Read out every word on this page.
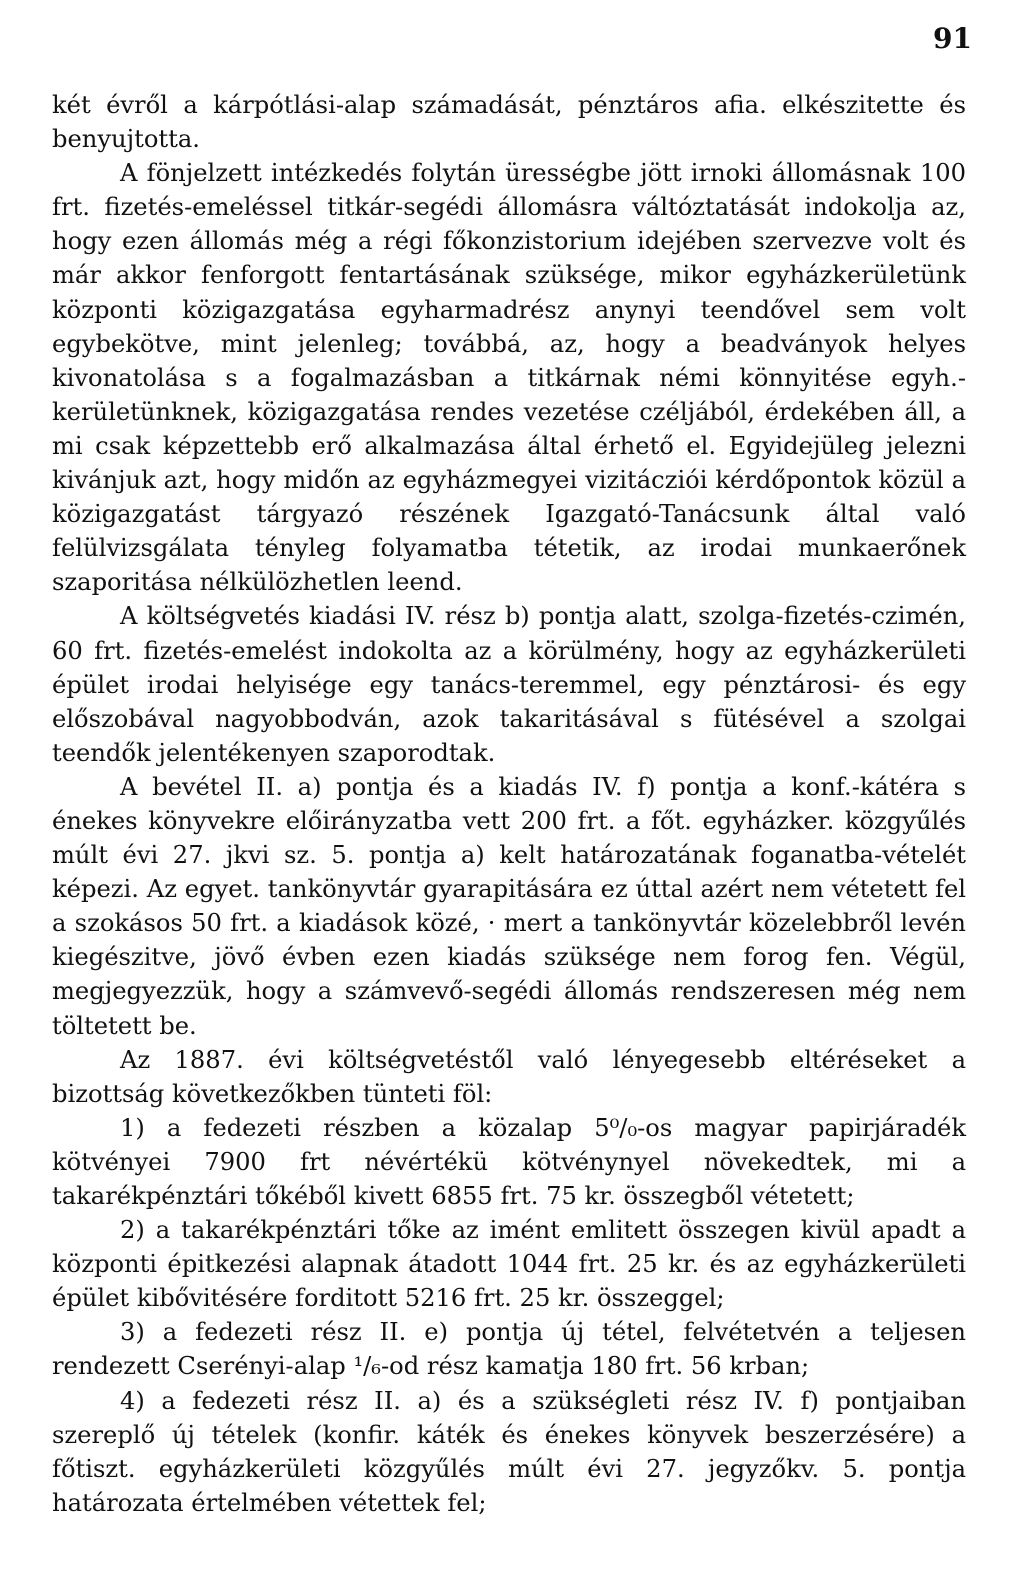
91

két évről a kárpótlási-alap számadását, pénztáros afia. elkészitette és benyujtotta.

A fönjelzett intézkedés folytán ürességbe jött irnoki állomásnak 100 frt. fizetés-emeléssel titkár-segédi állomásra váltóztatását indokolja az, hogy ezen állomás még a régi főkonzistorium idejében szervezve volt és már akkor fenforgott fentartásának szüksége, mikor egyházkerületünk központi közigazgatása egyharmadrész anynyi teendővel sem volt egybekötve, mint jelenleg; továbbá, az, hogy a beadványok helyes kivonatolása s a fogalmazásban a titkárnak némi könnyitése egyh.-kerületünknek, közigazgatása rendes vezetése czéljából, érdekében áll, a mi csak képzettebb erő alkalmazása által érhető el. Egyidejüleg jelezni kivánjuk azt, hogy midőn az egyházmegyei vizitácziói kérdőpontok közül a közigazgatást tárgyazó részének Igazgató-Tanácsunk által való felülvizsgálata tényleg folyamatba tétetik, az irodai munkaerőnek szaporitása nélkülözhetlen leend.

A költségvetés kiadási IV. rész b) pontja alatt, szolga-fizetés-czimén, 60 frt. fizetés-emelést indokolta az a körülmény, hogy az egyházkerületi épület irodai helyisége egy tanács-teremmel, egy pénztárosi- és egy előszobával nagyobbodván, azok takaritásával s fütésével a szolgai teendők jelentékenyen szaporodtak.

A bevétel II. a) pontja és a kiadás IV. f) pontja a konf.-kátéra s énekes könyvekre előirányzatba vett 200 frt. a főt. egyházker. közgyűlés múlt évi 27. jkvi sz. 5. pontja a) kelt határozatának foganatba-vételét képezi. Az egyet. tankönyvtár gyarapitására ez úttal azért nem vétetett fel a szokásos 50 frt. a kiadások közé, · mert a tankönyvtár közelebbről levén kiegészitve, jövő évben ezen kiadás szüksége nem forog fen. Végül, megjegyezzük, hogy a számvevő-segédi állomás rendszeresen még nem töltetett be.

Az 1887. évi költségvetéstől való lényegesebb eltéréseket a bizottság következőkben tünteti föl:

1) a fedezeti részben a közalap 5⁰/₀-os magyar papirjáradék kötvényei 7900 frt névértékü kötvénynyel növekedtek, mi a takarékpénztári tőkéből kivett 6855 frt. 75 kr. összegből vétetett;

2) a takarékpénztári tőke az imént emlitett összegen kivül apadt a központi épitkezési alapnak átadott 1044 frt. 25 kr. és az egyházkerületi épület kibővitésére forditott 5216 frt. 25 kr. összeggel;

3) a fedezeti rész II. e) pontja új tétel, felvétetvén a teljesen rendezett Cserényi-alap ¹/₆-od rész kamatja 180 frt. 56 krban;

4) a fedezeti rész II. a) és a szükségleti rész IV. f) pontjaiban szereplő új tételek (konfir. káték és énekes könyvek beszerzésére) a főtiszt. egyházkerületi közgyűlés múlt évi 27. jegyzőkv. 5. pontja határozata értelmében vétettek fel;
